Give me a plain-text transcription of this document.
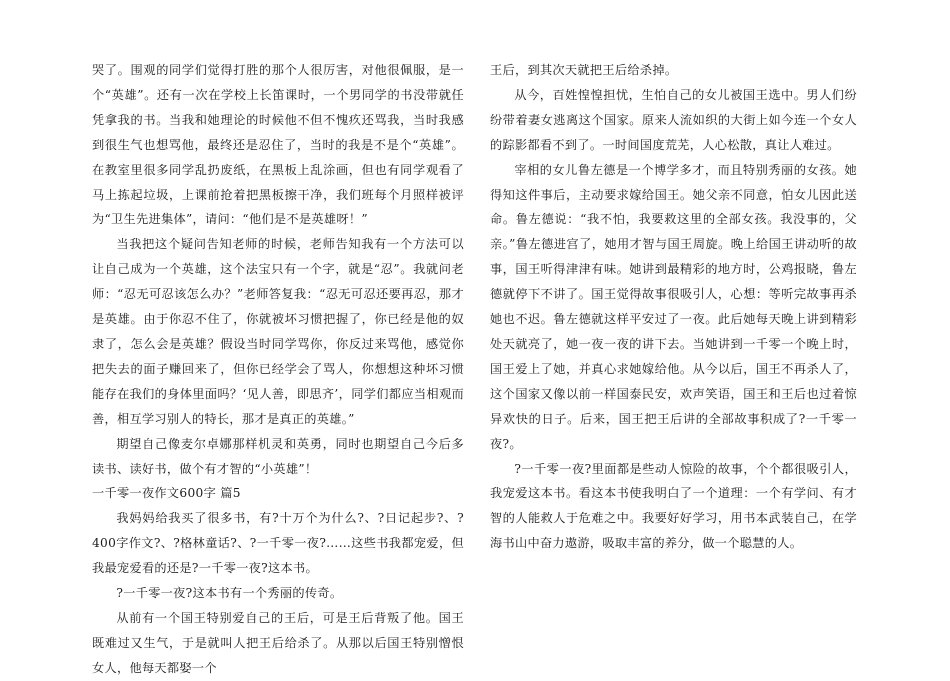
哭了。围观的同学们觉得打胜的那个人很厉害，对他很佩服，是一个“英雄”。还有一次在学校上长笛课时，一个男同学的书没带就任凭拿我的书。当我和她理论的时候他不但不愧疚还骂我，当时我感到很生气也想骂他，最终还是忍住了，当时的我是不是个“英雄”。在教室里很多同学乱扔废纸，在黑板上乱涂画，但也有同学观看了马上拣起垃圾，上课前抢着把黑板擦干净，我们班每个月照样被评为“卫生先进集体”，请问：“他们是不是英雄呀！”

当我把这个疑问告知老师的时候，老师告知我有一个方法可以让自己成为一个英雄，这个法宝只有一个字，就是“忍”。我就问老师：“忍无可忍该怎么办？”老师答复我：“忍无可忍还要再忍，那才是英雄。由于你忍不住了，你就被坏习惯把握了，你已经是他的奴隶了，怎么会是英雄？假设当时同学骂你，你反过来骂他，感觉你把失去的面子赚回来了，但你已经学会了骂人，你想想这种坏习惯能存在我们的身体里面吗？‘见人善，即思齐’，同学们都应当相观而善，相互学习别人的特长，那才是真正的英雄。”

期望自己像麦尔卓娜那样机灵和英勇，同时也期望自己今后多读书、读好书，做个有才智的“小英雄”！

一千零一夜作文600字 篇5

我妈妈给我买了很多书，有?十万个为什么?、?日记起步?、?400字作文?、?格林童话?、?一千零一夜?……这些书我都宠爱，但我最宠爱看的还是?一千零一夜?这本书。

?一千零一夜?这本书有一个秀丽的传奇。

从前有一个国王特别爱自己的王后，可是王后背叛了他。国王既难过又生气，于是就叫人把王后给杀了。从那以后国王特别憎恨女人，他每天都娶一个

王后，到其次天就把王后给杀掉。

从今，百姓惶惶担忧，生怕自己的女儿被国王选中。男人们纷纷带着妻女逃离这个国家。原来人流如织的大街上如今连一个女人的踪影都看不到了。一时间国度荒芜，人心松散，真让人难过。

宰相的女儿鲁左德是一个博学多才，而且特别秀丽的女孩。她得知这件事后，主动要求嫁给国王。她父亲不同意，怕女儿因此送命。鲁左德说：“我不怕，我要救这里的全部女孩。我没事的，父亲。”鲁左德进宫了，她用才智与国王周旋。晚上给国王讲动听的故事，国王听得津津有味。她讲到最精彩的地方时，公鸡报晓，鲁左德就停下不讲了。国王觉得故事很吸引人，心想：等听完故事再杀她也不迟。鲁左德就这样平安过了一夜。此后她每天晚上讲到精彩处天就亮了，她一夜一夜的讲下去。当她讲到一千零一个晚上时，国王爱上了她，并真心求她嫁给他。从今以后，国王不再杀人了，这个国家又像以前一样国泰民安，欢声笑语，国王和王后也过着惊异欢快的日子。后来，国王把王后讲的全部故事积成了?一千零一夜?。

?一千零一夜?里面都是些动人惊险的故事，个个都很吸引人，我宠爱这本书。看这本书使我明白了一个道理：一个有学问、有才智的人能救人于危难之中。我要好好学习，用书本武装自己，在学海书山中奋力遨游，吸取丰富的养分，做一个聪慧的人。
